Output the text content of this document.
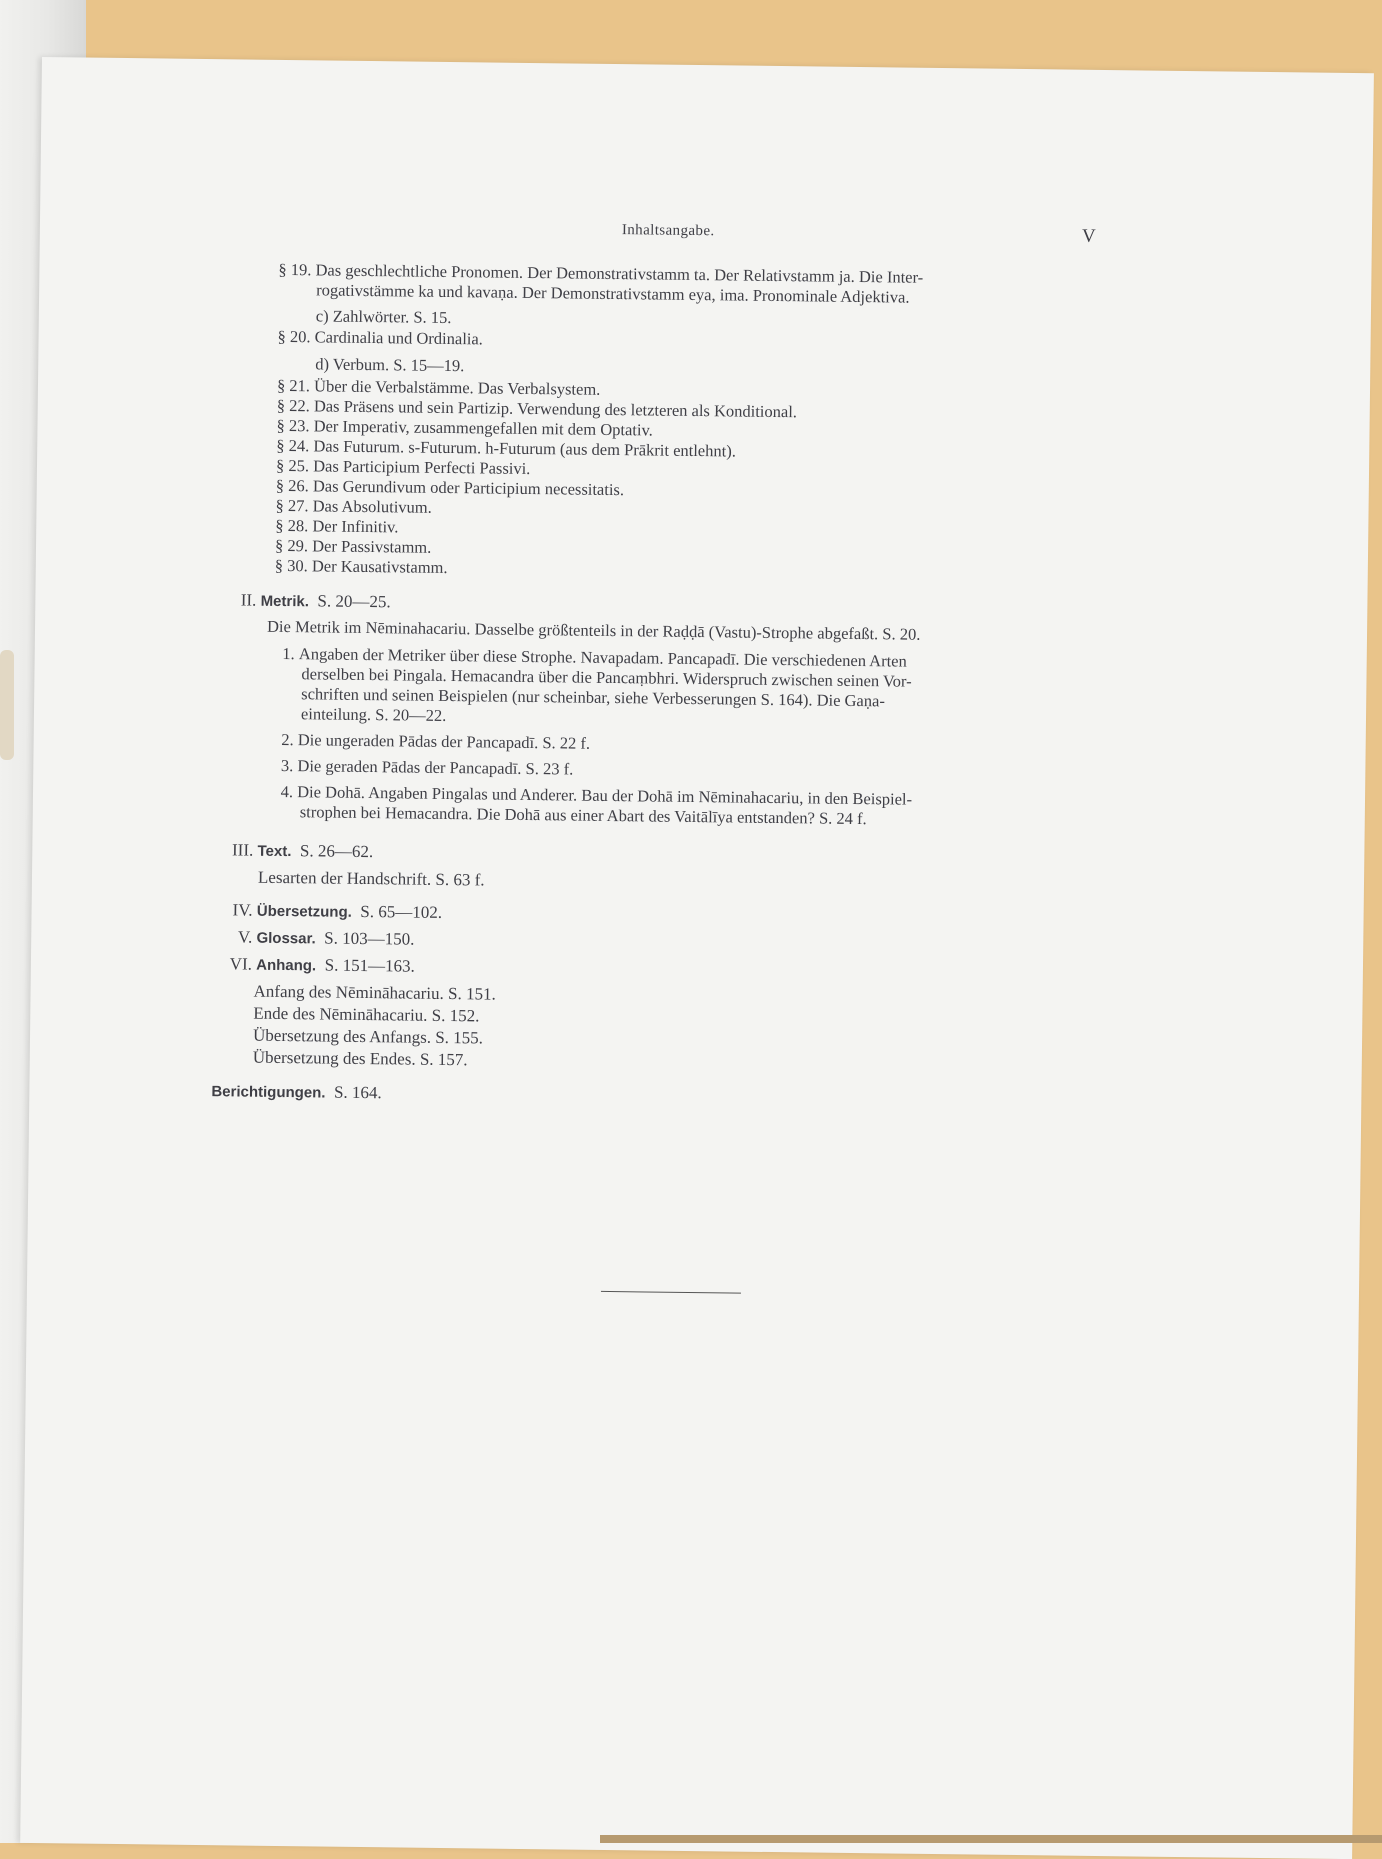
Inhaltsangabe.	V
§ 19. Das geschlechtliche Pronomen. Der Demonstrativstamm ta. Der Relativstamm ja. Die Inter-
rogativstämme ka und kavaṇa. Der Demonstrativstamm eya, ima. Pronominale Adjektiva.
c) Zahlwörter. S. 15.
§ 20. Cardinalia und Ordinalia.
d) Verbum. S. 15—19.
§ 21. Über die Verbalstämme. Das Verbalsystem.
§ 22. Das Präsens und sein Partizip. Verwendung des letzteren als Konditional.
§ 23. Der Imperativ, zusammengefallen mit dem Optativ.
§ 24. Das Futurum. s-Futurum. h-Futurum (aus dem Prākrit entlehnt).
§ 25. Das Participium Perfecti Passivi.
§ 26. Das Gerundivum oder Participium necessitatis.
§ 27. Das Absolutivum.
§ 28. Der Infinitiv.
§ 29. Der Passivstamm.
§ 30. Der Kausativstamm.
II. Metrik. S. 20—25.
Die Metrik im Nēminahacariu. Dasselbe größtenteils in der Raḍḍā (Vastu)-Strophe abgefaßt. S. 20.
1. Angaben der Metriker über diese Strophe. Navapadam. Pancapadī. Die verschiedenen Arten
derselben bei Pingala. Hemacandra über die Pancaṃbhri. Widerspruch zwischen seinen Vor-
schriften und seinen Beispielen (nur scheinbar, siehe Verbesserungen S. 164). Die Gaṇa-
einteilung. S. 20—22.
2. Die ungeraden Pādas der Pancapadī. S. 22 f.
3. Die geraden Pādas der Pancapadī. S. 23 f.
4. Die Dohā. Angaben Pingalas und Anderer. Bau der Dohā im Nēminahacariu, in den Beispiel-
strophen bei Hemacandra. Die Dohā aus einer Abart des Vaitālīya entstanden? S. 24 f.
III. Text. S. 26—62.
Lesarten der Handschrift. S. 63 f.
IV. Übersetzung. S. 65—102.
V. Glossar. S. 103—150.
VI. Anhang. S. 151—163.
Anfang des Nēmināhacariu. S. 151.
Ende des Nēmināhacariu. S. 152.
Übersetzung des Anfangs. S. 155.
Übersetzung des Endes. S. 157.
Berichtigungen. S. 164.
